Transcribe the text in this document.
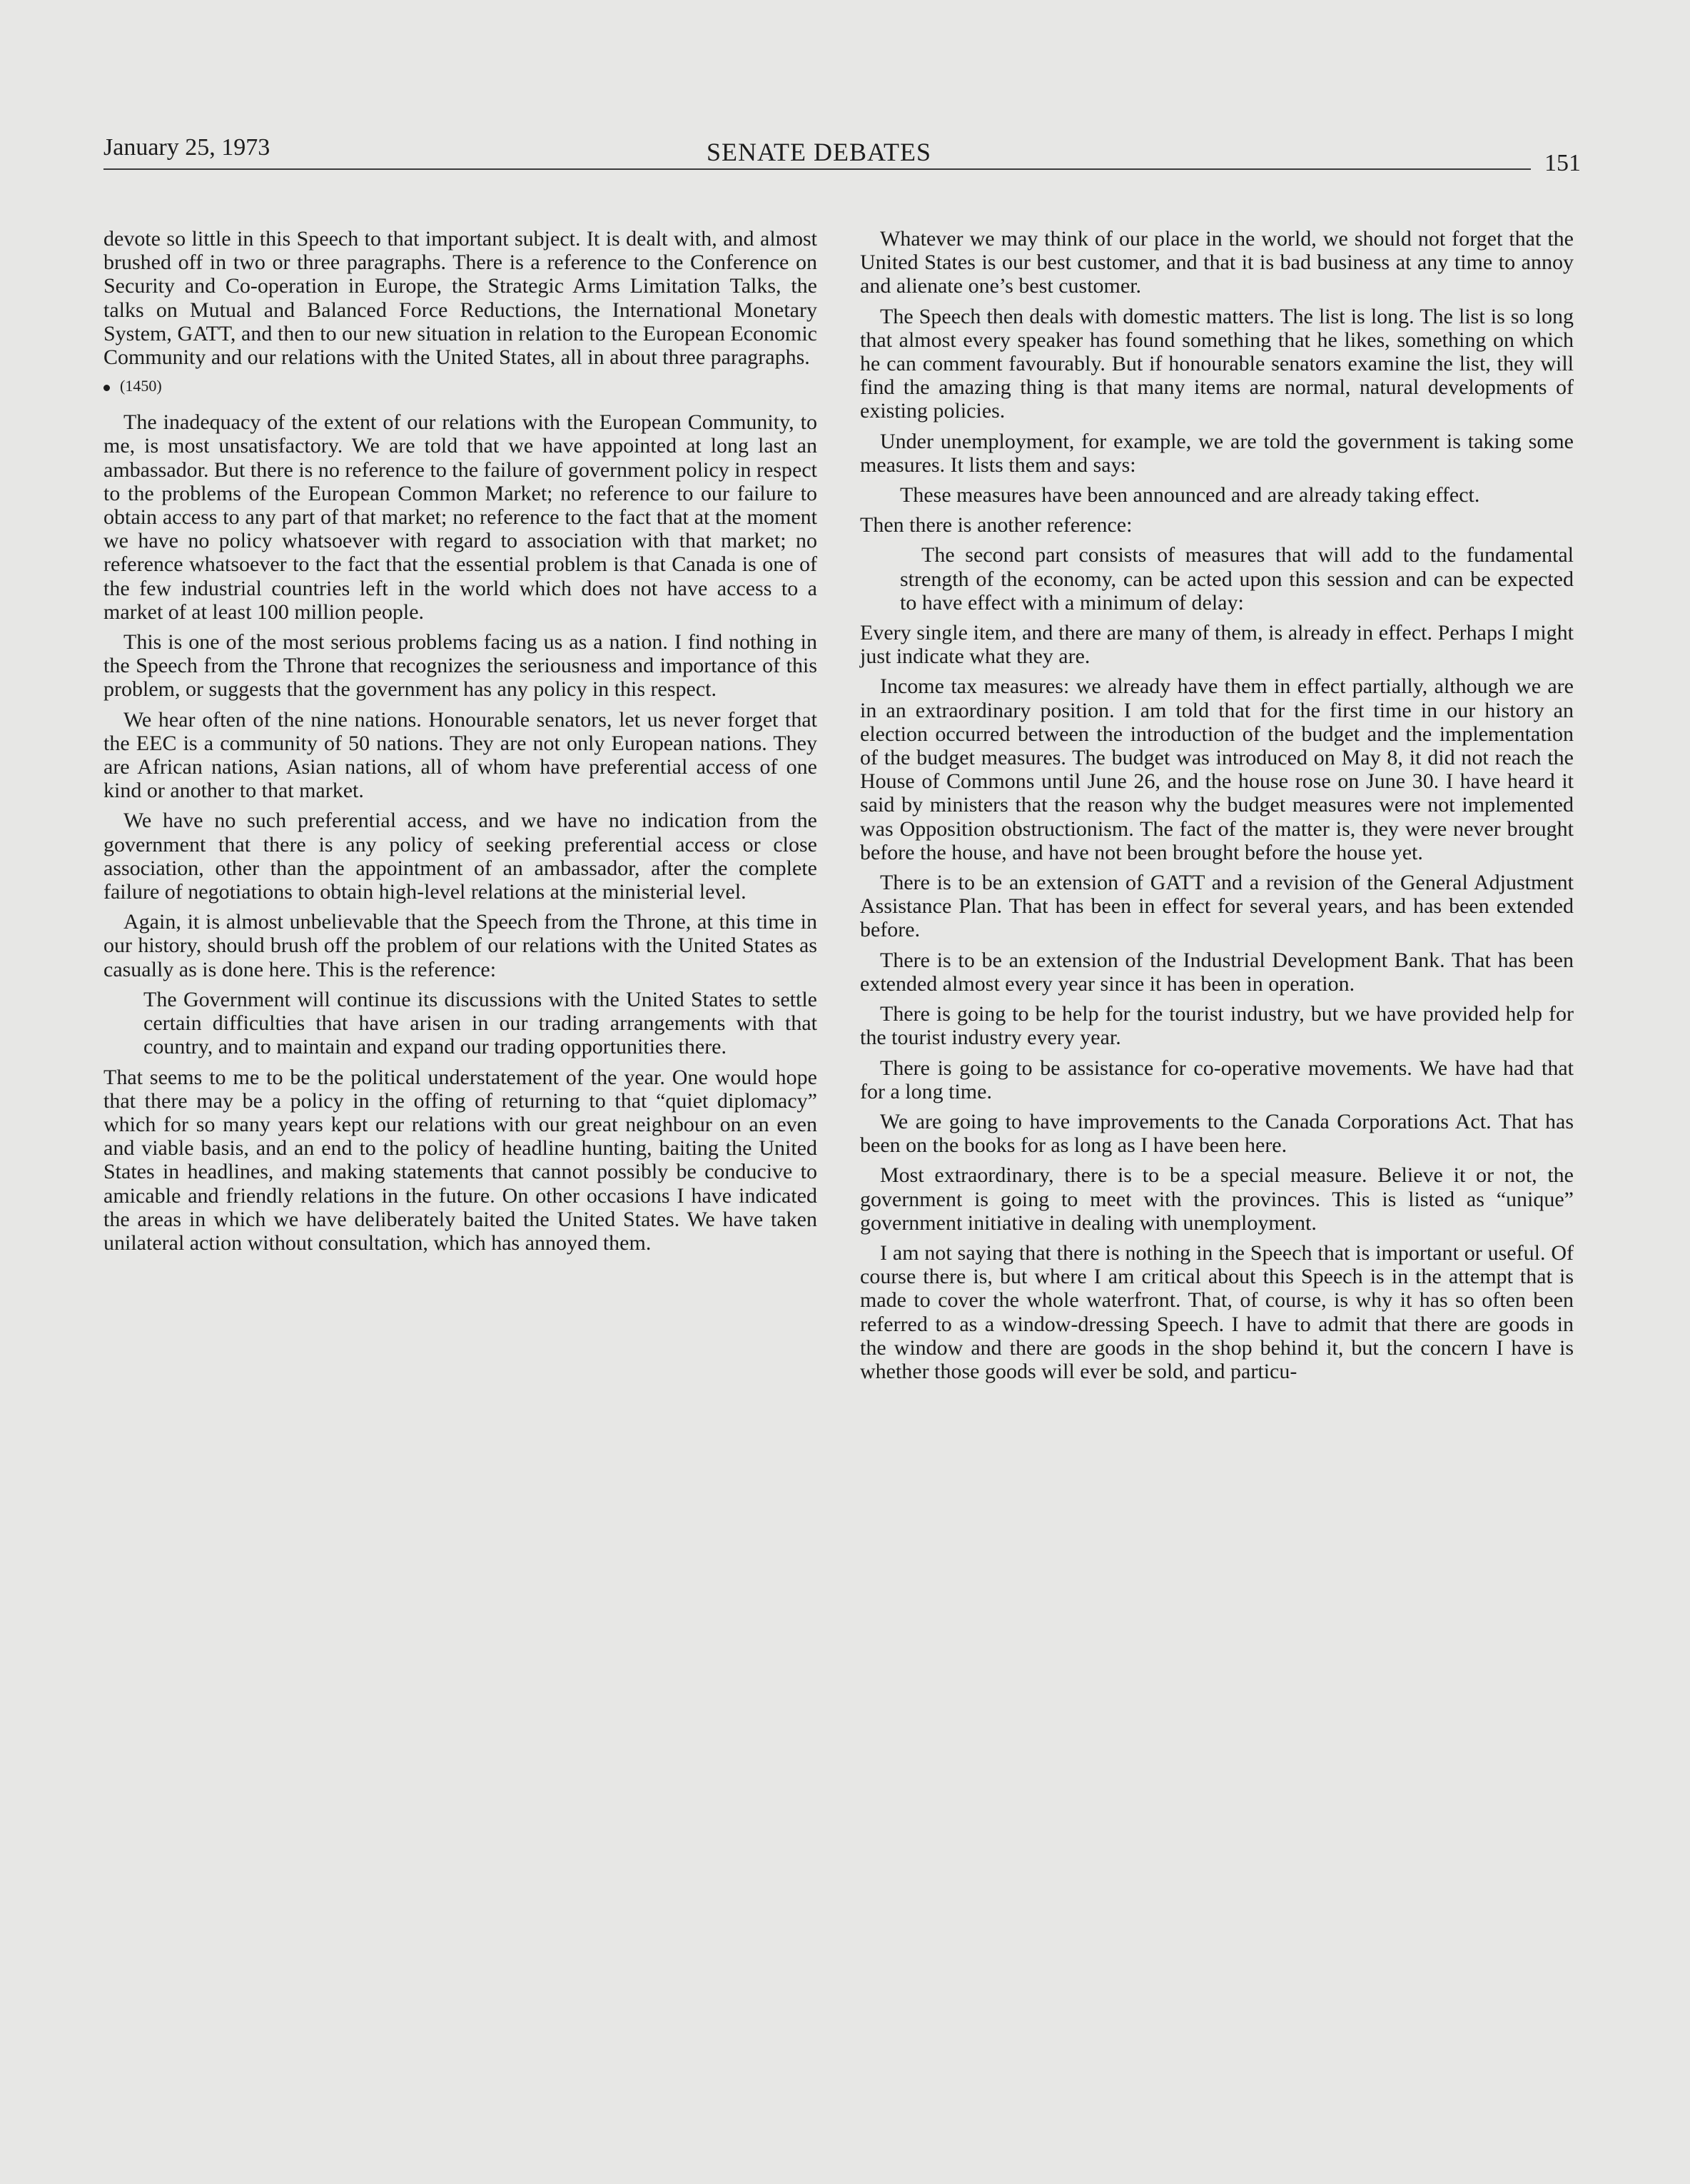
January 25, 1973	SENATE DEBATES	151

devote so little in this Speech to that important subject. It is dealt with, and almost brushed off in two or three paragraphs. There is a reference to the Conference on Security and Co-operation in Europe, the Strategic Arms Limitation Talks, the talks on Mutual and Balanced Force Reductions, the International Monetary System, GATT, and then to our new situation in relation to the European Economic Community and our relations with the United States, all in about three paragraphs.

(1450)

The inadequacy of the extent of our relations with the European Community, to me, is most unsatisfactory. We are told that we have appointed at long last an ambassador. But there is no reference to the failure of government policy in respect to the problems of the European Common Market; no reference to our failure to obtain access to any part of that market; no reference to the fact that at the moment we have no policy whatsoever with regard to association with that market; no reference whatsoever to the fact that the essential problem is that Canada is one of the few industrial countries left in the world which does not have access to a market of at least 100 million people.

This is one of the most serious problems facing us as a nation. I find nothing in the Speech from the Throne that recognizes the seriousness and importance of this problem, or suggests that the government has any policy in this respect.

We hear often of the nine nations. Honourable senators, let us never forget that the EEC is a community of 50 nations. They are not only European nations. They are African nations, Asian nations, all of whom have preferential access of one kind or another to that market.

We have no such preferential access, and we have no indication from the government that there is any policy of seeking preferential access or close association, other than the appointment of an ambassador, after the complete failure of negotiations to obtain high-level relations at the ministerial level.

Again, it is almost unbelievable that the Speech from the Throne, at this time in our history, should brush off the problem of our relations with the United States as casually as is done here. This is the reference:

The Government will continue its discussions with the United States to settle certain difficulties that have arisen in our trading arrangements with that country, and to maintain and expand our trading opportunities there.

That seems to me to be the political understatement of the year. One would hope that there may be a policy in the offing of returning to that “quiet diplomacy” which for so many years kept our relations with our great neighbour on an even and viable basis, and an end to the policy of headline hunting, baiting the United States in headlines, and making statements that cannot possibly be conducive to amicable and friendly relations in the future. On other occasions I have indicated the areas in which we have deliberately baited the United States. We have taken unilateral action without consultation, which has annoyed them.

Whatever we may think of our place in the world, we should not forget that the United States is our best customer, and that it is bad business at any time to annoy and alienate one’s best customer.

The Speech then deals with domestic matters. The list is long. The list is so long that almost every speaker has found something that he likes, something on which he can comment favourably. But if honourable senators examine the list, they will find the amazing thing is that many items are normal, natural developments of existing policies.

Under unemployment, for example, we are told the government is taking some measures. It lists them and says:

These measures have been announced and are already taking effect.

Then there is another reference:

The second part consists of measures that will add to the fundamental strength of the economy, can be acted upon this session and can be expected to have effect with a minimum of delay:

Every single item, and there are many of them, is already in effect. Perhaps I might just indicate what they are.

Income tax measures: we already have them in effect partially, although we are in an extraordinary position. I am told that for the first time in our history an election occurred between the introduction of the budget and the implementation of the budget measures. The budget was introduced on May 8, it did not reach the House of Commons until June 26, and the house rose on June 30. I have heard it said by ministers that the reason why the budget measures were not implemented was Opposition obstructionism. The fact of the matter is, they were never brought before the house, and have not been brought before the house yet.

There is to be an extension of GATT and a revision of the General Adjustment Assistance Plan. That has been in effect for several years, and has been extended before.

There is to be an extension of the Industrial Development Bank. That has been extended almost every year since it has been in operation.

There is going to be help for the tourist industry, but we have provided help for the tourist industry every year.

There is going to be assistance for co-operative movements. We have had that for a long time.

We are going to have improvements to the Canada Corporations Act. That has been on the books for as long as I have been here.

Most extraordinary, there is to be a special measure. Believe it or not, the government is going to meet with the provinces. This is listed as “unique” government initiative in dealing with unemployment.

I am not saying that there is nothing in the Speech that is important or useful. Of course there is, but where I am critical about this Speech is in the attempt that is made to cover the whole waterfront. That, of course, is why it has so often been referred to as a window-dressing Speech. I have to admit that there are goods in the window and there are goods in the shop behind it, but the concern I have is whether those goods will ever be sold, and particu-
